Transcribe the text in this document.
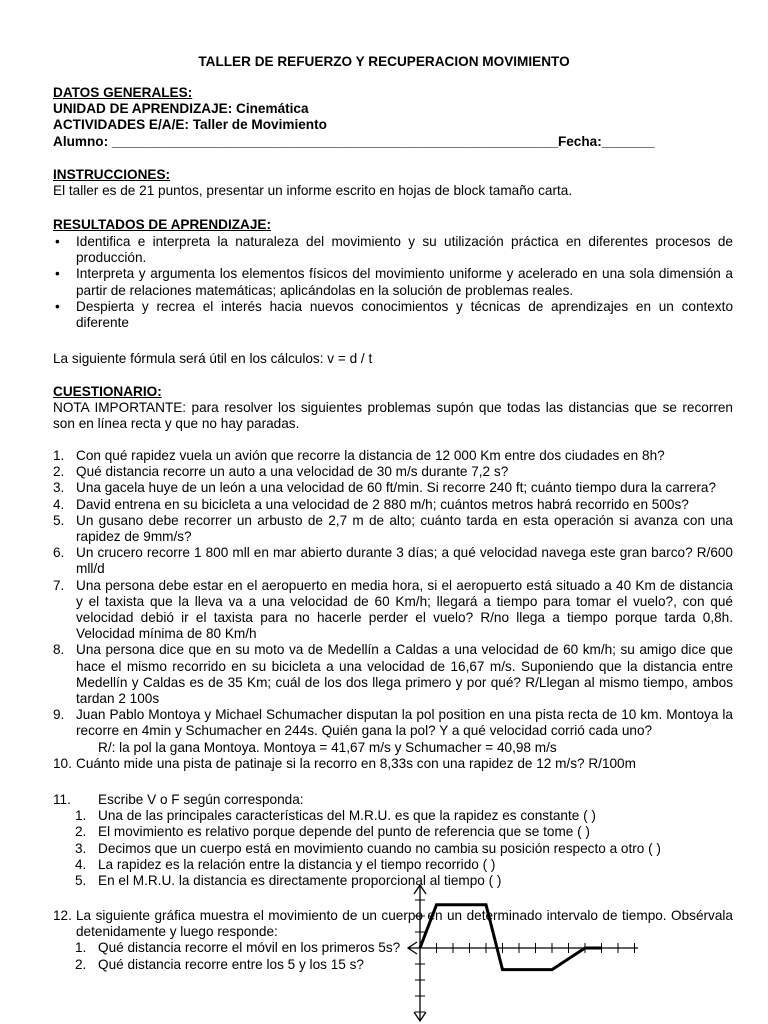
TALLER DE REFUERZO Y RECUPERACION MOVIMIENTO
DATOS GENERALES:
UNIDAD DE APRENDIZAJE: Cinemática
ACTIVIDADES E/A/E: Taller de Movimiento
Alumno: ___________________________________________________________Fecha:_______
INSTRUCCIONES:
El taller es de 21 puntos, presentar un informe escrito en hojas de block tamaño carta.
RESULTADOS DE APRENDIZAJE:
• Identifica e interpreta la naturaleza del movimiento y su utilización práctica en diferentes procesos de producción.
• Interpreta y argumenta los elementos físicos del movimiento uniforme y acelerado en una sola dimensión a partir de relaciones matemáticas; aplicándolas en la solución de problemas reales.
• Despierta y recrea el interés hacia nuevos conocimientos y técnicas de aprendizajes en un contexto diferente
La siguiente fórmula será útil en los cálculos: v = d / t
CUESTIONARIO:
NOTA IMPORTANTE: para resolver los siguientes problemas supón que todas las distancias que se recorren son en línea recta y que no hay paradas.
1. Con qué rapidez vuela un avión que recorre la distancia de 12 000 Km entre dos ciudades en 8h?
2. Qué distancia recorre un auto a una velocidad de 30 m/s durante 7,2 s?
3. Una gacela huye de un león a una velocidad de 60 ft/min. Si recorre 240 ft; cuánto tiempo dura la carrera?
4. David entrena en su bicicleta a una velocidad de 2 880 m/h; cuántos metros habrá recorrido en 500s?
5. Un gusano debe recorrer un arbusto de 2,7 m de alto; cuánto tarda en esta operación si avanza con una rapidez de 9mm/s?
6. Un crucero recorre 1 800 mll en mar abierto durante 3 días; a qué velocidad navega este gran barco? R/600 mll/d
7. Una persona debe estar en el aeropuerto en media hora, si el aeropuerto está situado a 40 Km de distancia y el taxista que la lleva va a una velocidad de 60 Km/h; llegará a tiempo para tomar el vuelo?, con qué velocidad debió ir el taxista para no hacerle perder el vuelo? R/no llega a tiempo porque tarda 0,8h. Velocidad mínima de 80 Km/h
8. Una persona dice que en su moto va de Medellín a Caldas a una velocidad de 60 km/h; su amigo dice que hace el mismo recorrido en su bicicleta a una velocidad de 16,67 m/s. Suponiendo que la distancia entre Medellín y Caldas es de 35 Km; cuál de los dos llega primero y por qué? R/Llegan al mismo tiempo, ambos tardan 2 100s
9. Juan Pablo Montoya y Michael Schumacher disputan la pol position en una pista recta de 10 km. Montoya la recorre en 4min y Schumacher en 244s. Quién gana la pol? Y a qué velocidad corrió cada uno?
R/: la pol la gana Montoya. Montoya = 41,67 m/s y Schumacher = 40,98 m/s
10. Cuánto mide una pista de patinaje si la recorro en 8,33s con una rapidez de 12 m/s? R/100m
11. Escribe V o F según corresponda:
1. Una de las principales características del M.R.U. es que la rapidez es constante ( )
2. El movimiento es relativo porque depende del punto de referencia que se tome ( )
3. Decimos que un cuerpo está en movimiento cuando no cambia su posición respecto a otro ( )
4. La rapidez es la relación entre la distancia y el tiempo recorrido ( )
5. En el M.R.U. la distancia es directamente proporcional al tiempo ( )
12. La siguiente gráfica muestra el movimiento de un cuerpo en un determinado intervalo de tiempo. Obsérvala detenidamente y luego responde:
1. Qué distancia recorre el móvil en los primeros 5s?
2. Qué distancia recorre entre los 5 y los 15 s?
